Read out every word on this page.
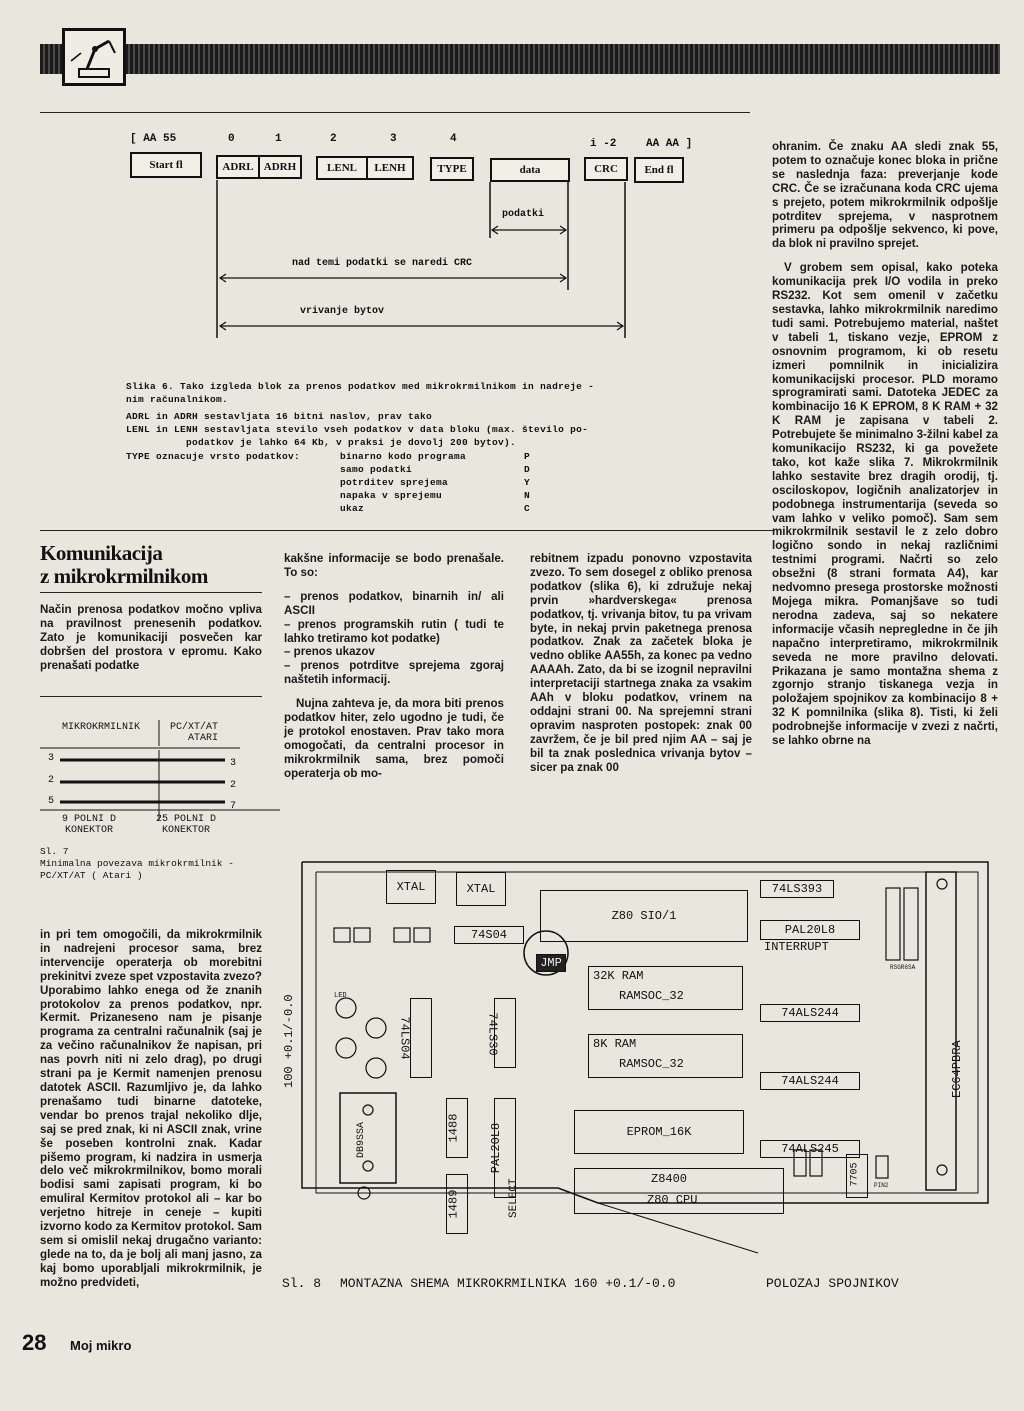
[ AA 55	0	1	2	3	4	i -2	AA AA ]
Start fl	ADRL ADRH	LENL	LENH	TYPE	data	CRC	End fl
podatki
nad temi podatki se naredi CRC
vrivanje bytov
Slika 6. Tako izgleda blok za prenos podatkov med mikrokrmilnikom in nadreje -
nim računalnikom.
ADRL in ADRH sestavljata 16 bitni naslov, prav tako
LENL in LENH sestavljata stevilo vseh podatkov v data bloku (max. število po-
podatkov je lahko 64 Kb, v praksi je dovolj 200 bytov).
TYPE oznacuje vrsto podatkov:	binarno kodo programa	P
samo podatki	D
potrditev sprejema	Y
napaka v sprejemu	N
ukaz	C

ohranim. Če znaku AA sledi znak 55, potem to označuje konec bloka in pričnе se naslednja faza: preverjanje kode CRC. Če se izračunana koda CRC ujema s prejeto, potem mikrokrmilnik odpošlje potrditev sprejema, v nasprotnem primeru pa odpošlje sekvenco, ki pove, da blok ni pravilno sprejet.

V grobem sem opisal, kako poteka komunikacija prek I/O vodila in preko RS232. Kot sem omenil v začetku sestavka, lahko mikrokrmilnik naredimo tudi sami. Potrebujemo material, naštet v tabeli 1, tiskano vezje, EPROM z osnovnim programom, ki ob resetu izmeri pomnilnik in inicializira komunikacijski procesor. PLD moramo sprogramirati sami. Datoteka JEDEC za kombinacijo 16 K EPROM, 8 K RAM + 32 K RAM je zapisana v tabeli 2. Potrebujete še minimalno 3-žilni kabel za komunikacijo RS232, ki ga povežete tako, kot kaže slika 7. Mikrokrmilnik lahko sestavite brez dragih orodij, tj. osciloskopov, logičnih analizatorjev in podobnega instrumentarija (seveda so vam lahko v veliko pomoč). Sam sem mikrokrmilnik sestavil le z zelo dobro logično sondo in nekaj različnimi testnimi programi. Načrti so zelo obsežni (8 strani formata A4), kar nedvomno presega prostorske možnosti Mojega mikra. Pomanjšave so tudi nerodna zadeva, saj so nekatere informacije včasih nepregledne in če jih napačno interpretiramo, mikrokrmilnik seveda ne more pravilno delovati. Prikazana je samo montažna shema z zgornjo stranjo tiskanega vezja in položajem spojnikov za kombinacijo 8 + 32 K pomnilnika (slika 8). Tisti, ki želi podrobnejše informacije v zvezi z načrti, se lahko obrne na

Komunikacija
z mikrokrmilnikom

Način prenosa podatkov močno vpliva na pravilnost prenesenih podatkov. Zato je komunikaciji posvečen kar dobršen del prostora v epromu. Kako prenašati podatke

kakšne informacije se bodo prenašale. To so:

– prenos podatkov, binarnih in/ ali ASCII

– prenos programskih rutin ( tudi te lahko tretiramo kot podatke)

– prenos ukazov

– prenos potrditve sprejema zgoraj naštetih informacij.

Nujna zahteva je, da mora biti prenos podatkov hiter, zelo ugodno je tudi, če je protokol enostaven. Prav tako mora omogočati, da centralni procesor in mikrokrmilnik sama, brez pomoči operaterja ob mo-

rebitnem izpadu ponovno vzpostavita zvezo. To sem dosegel z obliko prenosa podatkov (slika 6), ki združuje nekaj prvin »hardverskega« prenosa podatkov, tj. vrivanja bitov, tu pa vrivam byte, in nekaj prvin paketnega prenosa podatkov. Znak za začetek bloka je vedno oblike AA55h, za konec pa vedno AAAAh. Zato, da bi se izognil nepravilni interpretaciji startnega znaka za vsakim AAh v bloku podatkov, vrinem na oddajni strani 00. Na sprejemni strani opravim nasproten postopek: znak 00 zavržem, če je bil pred njim AA – saj je bil ta znak poslednica vrivanja bytov – sicer pa znak 00

MIKROKRMILNIK	PC/XT/AT
ATARI
3
2
5
3
2
7
9 POLNI D
KONEKTOR
25 POLNI D
KONEKTOR
Sl. 7
Minimalna povezava mikrokrmilnik -
PC/XT/AT ( Atari )

in pri tem omogočili, da mikrokrmilnik in nadrejeni procesor sama, brez intervencije operaterja ob morebitni prekinitvi zveze spet vzpostavita zvezo? Uporabimo lahko enega od že znanih protokolov za prenos podatkov, npr. Kermit. Prizaneseno nam je pisanje programa za centralni računalnik (saj je za večino računalnikov že napisan, pri nas povrh niti ni zelo drag), po drugi strani pa je Kermit namenjen prenosu datotek ASCII. Razumljivo je, da lahko prenašamo tudi binarne datoteke, vendar bo prenos trajal nekoliko dlje, saj se pred znak, ki ni ASCII znak, vrine še poseben kontrolni znak. Kadar pišemo program, ki nadzira in usmerja delo več mikrokrmilnikov, bomo morali bodisi sami zapisati program, ki bo emuliral Kermitov protokol ali – kar bo verjetno hitreje in ceneje – kupiti izvorno kodo za Kermitov protokol. Sam sem si omislil nekaj drugačno varianto: glede na to, da je bolj ali manj jasno, za kaj bomo uporabljali mikrokrmilnik, je možno predvideti,

28 Moj mikro
XTAL	XTAL
Z80 SIO/1
74LS393
PAL20L8
INTERRUPT
74S04
JMP
32K RAM
RAMSOC_32
74ALS244
8K RAM
RAMSOC_32
74ALS244
EPROM_16K
74ALS245
Z8400
Z80 CPU
74LS04	74LS30
1488
1489
PAL20L8
SELECT
DB9SSA
100 +0.1/-0.0	EC64PBRA
7705
LED
RSGR6SA
PIN2
Sl. 8 MONTAZNA SHEMA MIKROKRMILNIKA 160 +0.1/-0.0	POLOZAJ SPOJNIKOV
